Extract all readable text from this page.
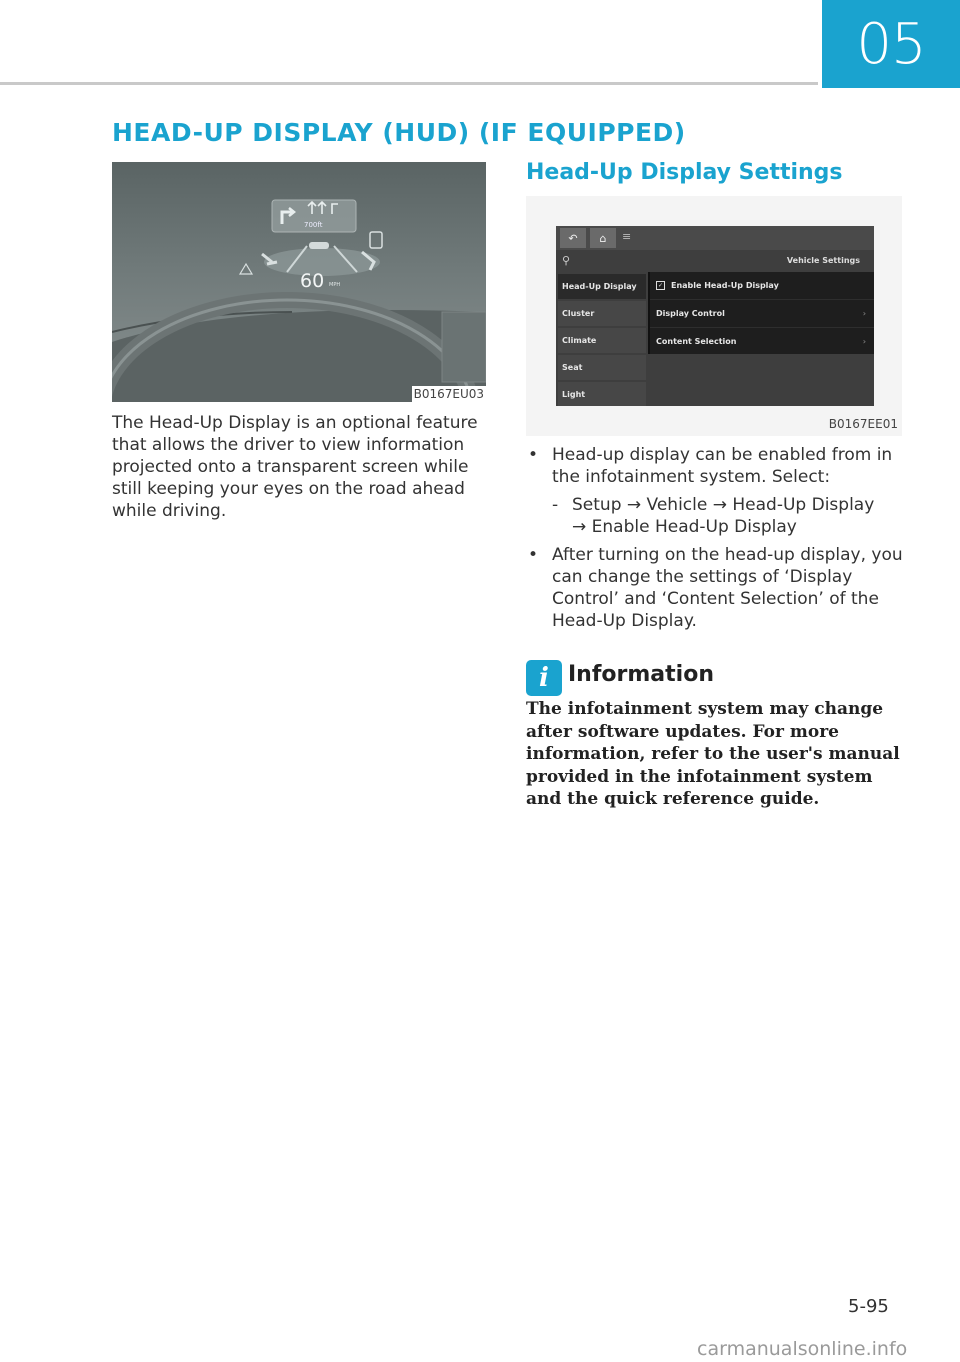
05
HEAD-UP DISPLAY (HUD) (IF EQUIPPED)
700ft
60 MPH
B0167EU03

The Head-Up Display is an optional feature that allows the driver to view information projected onto a transparent screen while still keeping your eyes on the road ahead while driving.

Head-Up Display Settings
↶	⌂	≡
⚲	Vehicle Settings
Head-Up Display
Cluster
Climate
Seat
Light
✓ Enable Head-Up Display
Display Control	›
Content Selection	›
B0167EE01
• Head-up display can be enabled from in the infotainment system. Select:
- Setup → Vehicle → Head-Up Display
→ Enable Head-Up Display
• After turning on the head-up display, you can change the settings of ‘Display Control’ and ‘Content Selection’ of the Head-Up Display.
i Information

The infotainment system may change after software updates. For more information, refer to the user's manual provided in the infotainment system and the quick reference guide.

5-95
carmanualsonline.info
